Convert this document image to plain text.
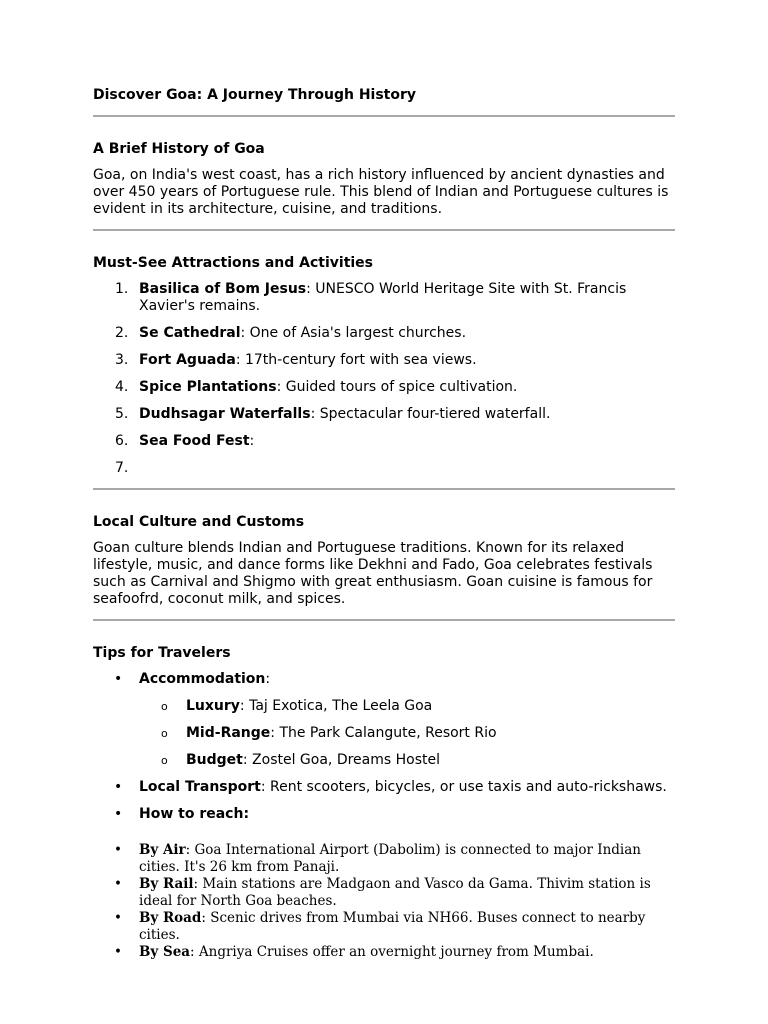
Discover Goa: A Journey Through History
A Brief History of Goa

Goa, on India's west coast, has a rich history influenced by ancient dynasties and over 450 years of Portuguese rule. This blend of Indian and Portuguese cultures is evident in its architecture, cuisine, and traditions.

Must-See Attractions and Activities
1. Basilica of Bom Jesus: UNESCO World Heritage Site with St. Francis Xavier's remains.
2. Se Cathedral: One of Asia's largest churches.
3. Fort Aguada: 17th-century fort with sea views.
4. Spice Plantations: Guided tours of spice cultivation.
5. Dudhsagar Waterfalls: Spectacular four-tiered waterfall.
6. Sea Food Fest:
7.
Local Culture and Customs

Goan culture blends Indian and Portuguese traditions. Known for its relaxed lifestyle, music, and dance forms like Dekhni and Fado, Goa celebrates festivals such as Carnival and Shigmo with great enthusiasm. Goan cuisine is famous for seafoofrd, coconut milk, and spices.

Tips for Travelers
• Accommodation:
o Luxury: Taj Exotica, The Leela Goa
o Mid-Range: The Park Calangute, Resort Rio
o Budget: Zostel Goa, Dreams Hostel
• Local Transport: Rent scooters, bicycles, or use taxis and auto-rickshaws.
• How to reach:
• By Air: Goa International Airport (Dabolim) is connected to major Indian cities. It's 26 km from Panaji.
• By Rail: Main stations are Madgaon and Vasco da Gama. Thivim station is ideal for North Goa beaches.
• By Road: Scenic drives from Mumbai via NH66. Buses connect to nearby cities.
• By Sea: Angriya Cruises offer an overnight journey from Mumbai.
